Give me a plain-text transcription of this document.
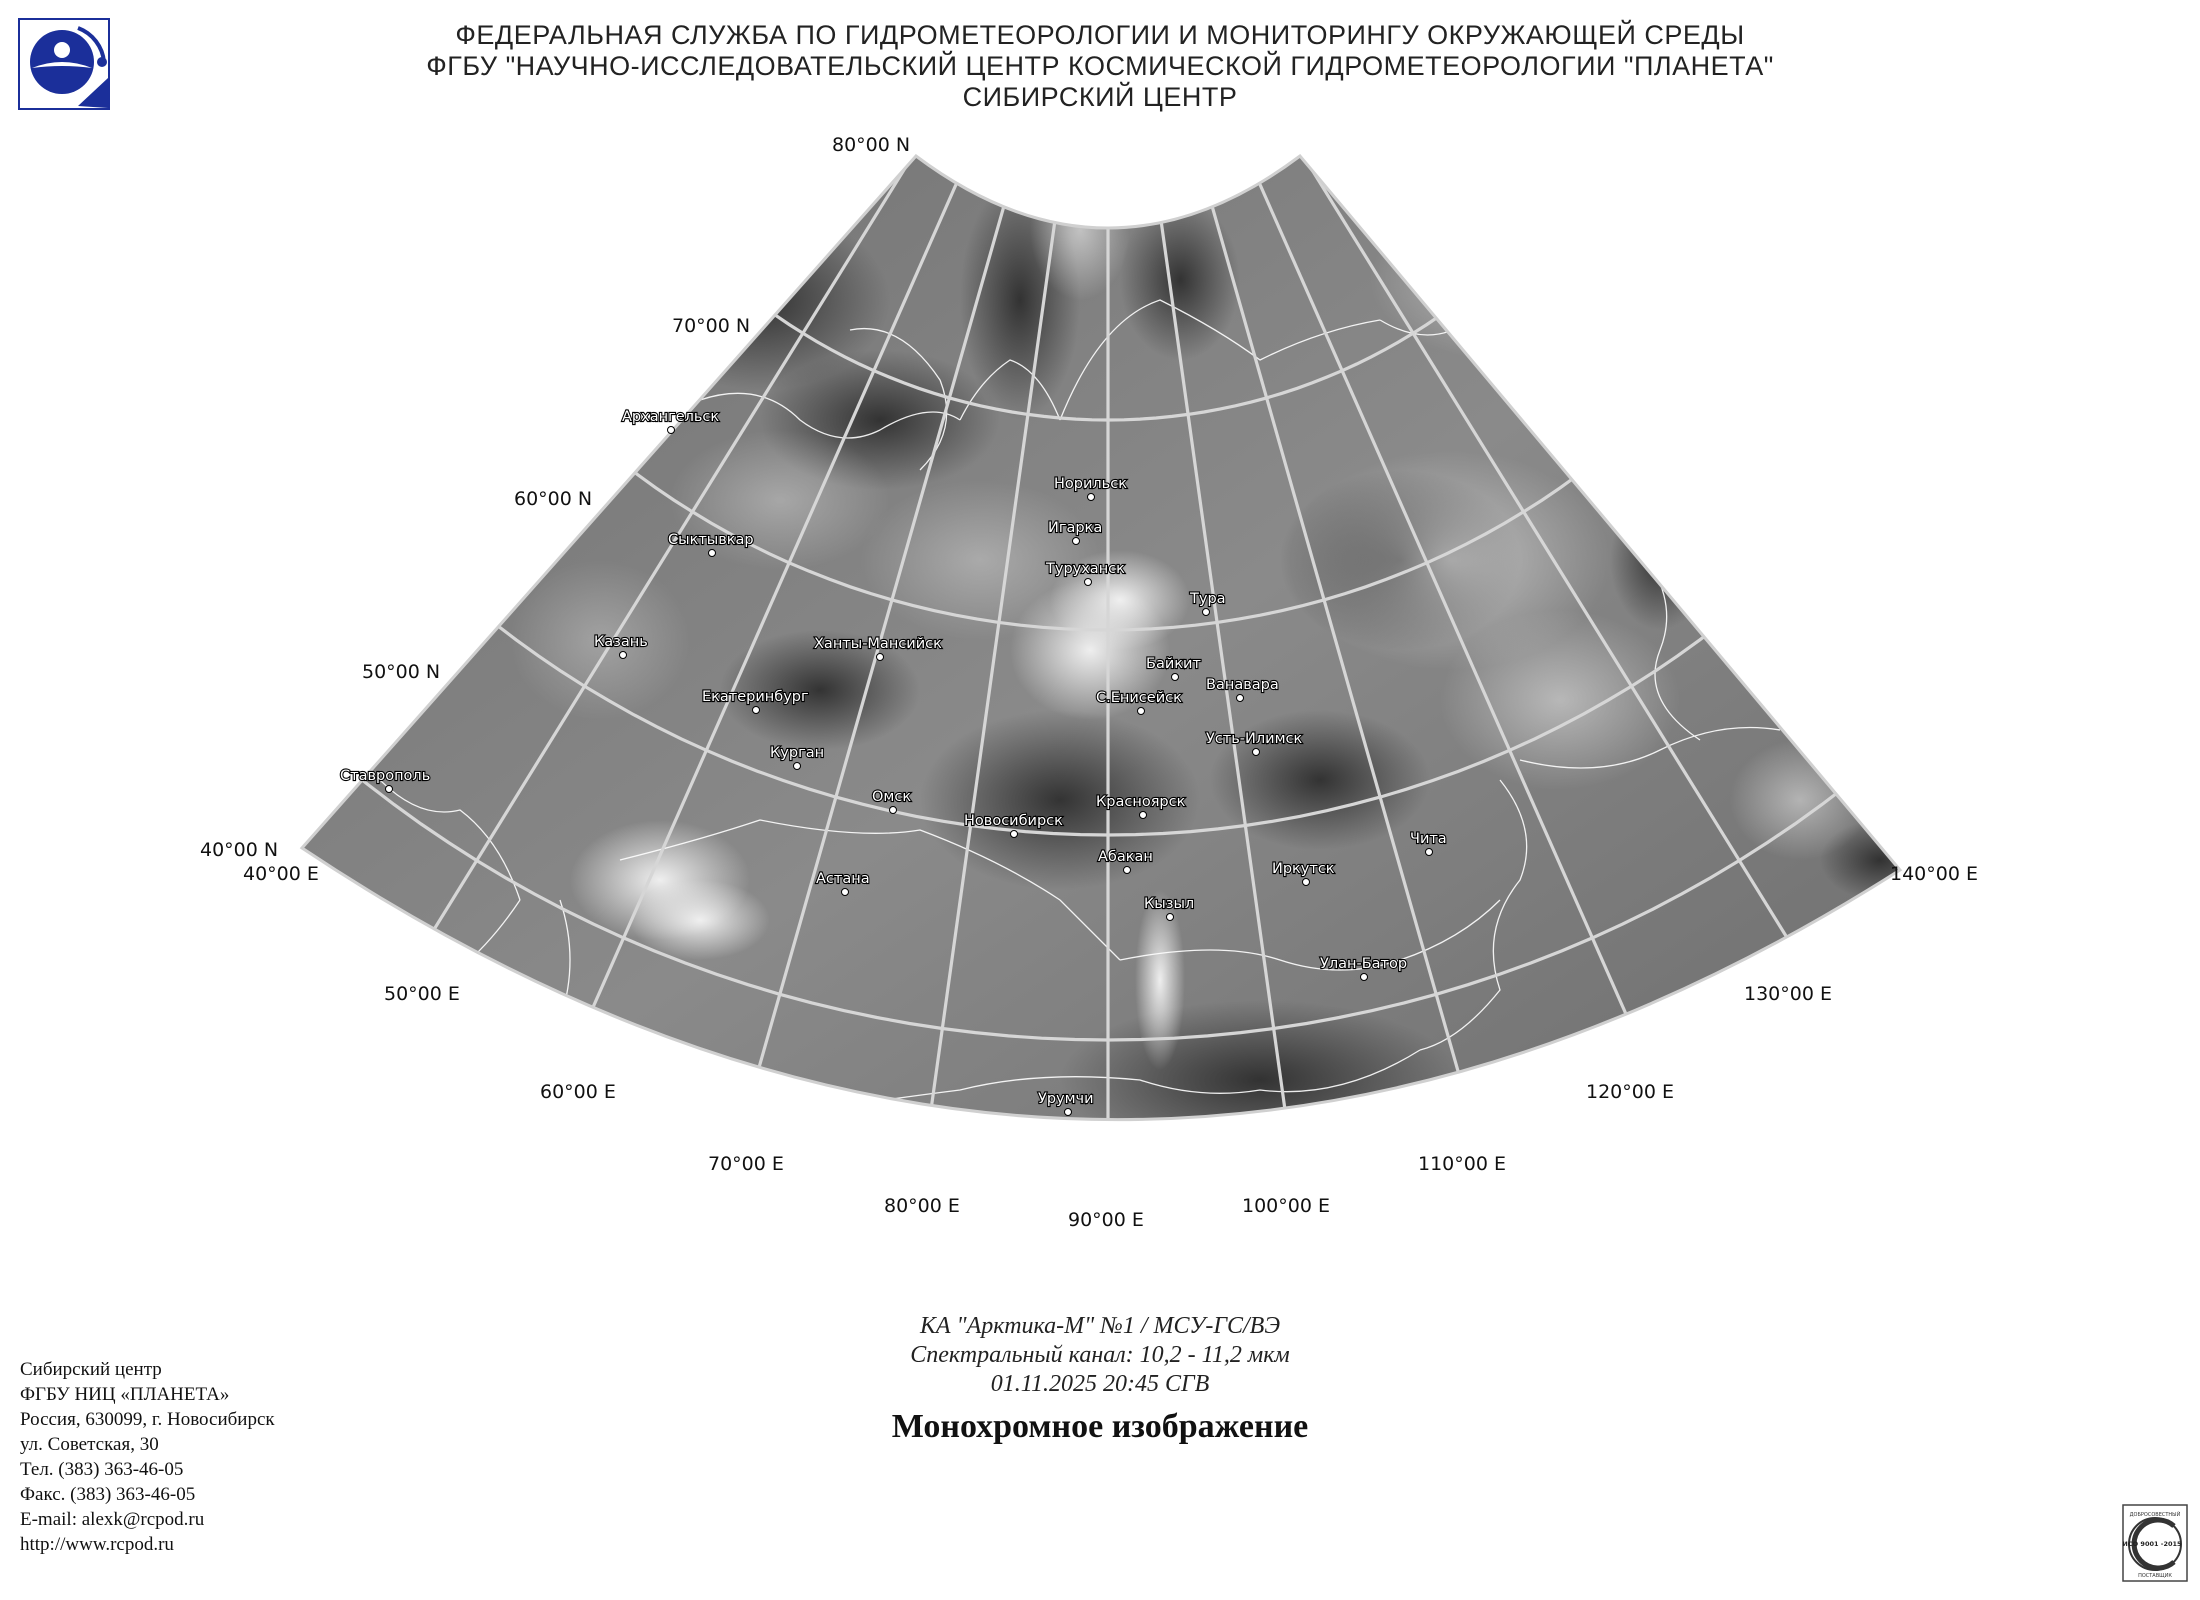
ФЕДЕРАЛЬНАЯ СЛУЖБА ПО ГИДРОМЕТЕОРОЛОГИИ И МОНИТОРИНГУ ОКРУЖАЮЩЕЙ СРЕДЫ
ФГБУ "НАУЧНО-ИССЛЕДОВАТЕЛЬСКИЙ ЦЕНТР КОСМИЧЕСКОЙ ГИДРОМЕТЕОРОЛОГИИ "ПЛАНЕТА"
СИБИРСКИЙ ЦЕНТР
80°00 N
70°00 N
60°00 N
50°00 N
40°00 N
40°00 E
50°00 E
60°00 E
70°00 E
80°00 E
90°00 E
100°00 E
110°00 E
120°00 E
130°00 E
140°00 E
Архангельск
Сыктывкар
Казань
Ставрополь
Екатеринбург
Ханты-Мансийск
Курган
Омск
Астана
Новосибирск
Норильск
Игарка
Туруханск
Тура
Байкит
С.Енисейск
Ванавара
Усть-Илимск
Красноярск
Абакан
Кызыл
Иркутск
Чита
Улан-Батор
Урумчи
КА "Арктика-М" №1 / МСУ-ГС/ВЭ
Спектральный канал: 10,2 - 11,2 мкм
01.11.2025 20:45 СГВ
Монохромное изображение
Сибирский центр
ФГБУ НИЦ «ПЛАНЕТА»
Россия, 630099, г. Новосибирск
ул. Советская, 30
Тел. (383) 363-46-05
Факс. (383) 363-46-05
E-mail: alexk@rcpod.ru
http://www.rcpod.ru
ДОБРОСОВЕСТНЫЙ
ИСО 9001 -2015
ПОСТАВЩИК
